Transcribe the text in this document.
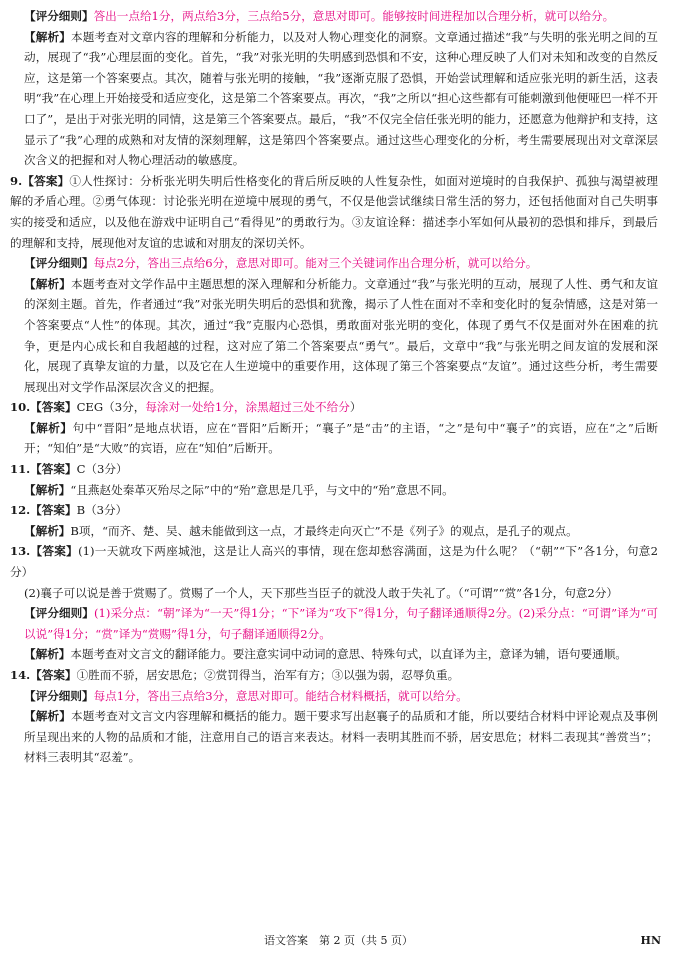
【评分细则】答出一点给1分，两点给3分，三点给5分，意思对即可。能够按时间进程加以合理分析，就可以给分。

【解析】本题考查对文章内容的理解和分析能力，以及对人物心理变化的洞察。文章通过描述“我”与失明的张光明之间的互动，展现了“我”心理层面的变化。首先，“我”对张光明的失明感到恐惧和不安，这种心理反映了人们对未知和改变的自然反应，这是第一个答案要点。其次，随着与张光明的接触，“我”逐渐克服了恐惧，开始尝试理解和适应张光明的新生活，这表明“我”在心理上开始接受和适应变化，这是第二个答案要点。再次，“我”之所以“担心这些都有可能刺激到他便哑巴一样不开口了”，是出于对张光明的同情，这是第三个答案要点。最后，“我”不仅完全信任张光明的能力，还愿意为他辩护和支持，这显示了“我”心理的成熟和对友情的深刻理解，这是第四个答案要点。通过这些心理变化的分析，考生需要展现出对文章深层次含义的把握和对人物心理活动的敏感度。

9.【答案】①人性探讨：分析张光明失明后性格变化的背后所反映的人性复杂性，如面对逆境时的自我保护、孤独与渴望被理解的矛盾心理。②勇气体现：讨论张光明在逆境中展现的勇气，不仅是他尝试继续日常生活的努力，还包括他面对自己失明事实的接受和适应，以及他在游戏中证明自己“看得见”的勇敢行为。③友谊诠释：描述李小军如何从最初的恐惧和排斥，到最后的理解和支持，展现他对友谊的忠诚和对朋友的深切关怀。

【评分细则】每点2分，答出三点给6分，意思对即可。能对三个关键词作出合理分析，就可以给分。

【解析】本题考查对文学作品中主题思想的深入理解和分析能力。文章通过“我”与张光明的互动，展现了人性、勇气和友谊的深刻主题。首先，作者通过“我”对张光明失明后的恐惧和犹豫，揭示了人性在面对不幸和变化时的复杂情感，这是对第一个答案要点“人性”的体现。其次，通过“我”克服内心恐惧，勇敢面对张光明的变化，体现了勇气不仅是面对外在困难的抗争，更是内心成长和自我超越的过程，这对应了第二个答案要点“勇气”。最后，文章中“我”与张光明之间友谊的发展和深化，展现了真挚友谊的力量，以及它在人生逆境中的重要作用，这体现了第三个答案要点“友谊”。通过这些分析，考生需要展现出对文学作品深层次含义的把握。

10.【答案】CEG（3分，每涂对一处给1分，涂黑超过三处不给分）

【解析】句中“晋阳”是地点状语，应在“晋阳”后断开；“襄子”是“击”的主语，“之”是句中“襄子”的宾语，应在“之”后断开；“知伯”是“大败”的宾语，应在“知伯”后断开。

11.【答案】C（3分）

【解析】“且燕赵处秦革灭殆尽之际”中的“殆”意思是几乎，与文中的“殆”意思不同。

12.【答案】B（3分）

【解析】B项，“而齐、楚、吴、越未能做到这一点，才最终走向灭亡”不是《列子》的观点，是孔子的观点。

13.【答案】(1)一天就攻下两座城池，这是让人高兴的事情，现在您却愁容满面，这是为什么呢？（“朝”“下”各1分，句意2分）

(2)襄子可以说是善于赏赐了。赏赐了一个人，天下那些当臣子的就没人敢于失礼了。（“可谓”“赏”各1分，句意2分）

【评分细则】(1)采分点：“朝”译为“一天”得1分；“下”译为“攻下”得1分，句子翻译通顺得2分。(2)采分点：“可谓”译为“可以说”得1分；“赏”译为“赏赐”得1分，句子翻译通顺得2分。

【解析】本题考查对文言文的翻译能力。要注意实词中动词的意思、特殊句式，以直译为主，意译为辅，语句要通顺。

14.【答案】①胜而不骄，居安思危；②赏罚得当，治军有方；③以强为弱，忍辱负重。

【评分细则】每点1分，答出三点给3分，意思对即可。能结合材料概括，就可以给分。

【解析】本题考查对文言文内容理解和概括的能力。题干要求写出赵襄子的品质和才能，所以要结合材料中评论观点及事例所呈现出来的人物的品质和才能，注意用自己的语言来表达。材料一表明其胜而不骄，居安思危；材料二表现其“善赏当”；材料三表明其“忍羞”。

语文答案　第 2 页（共 5 页）	HN
